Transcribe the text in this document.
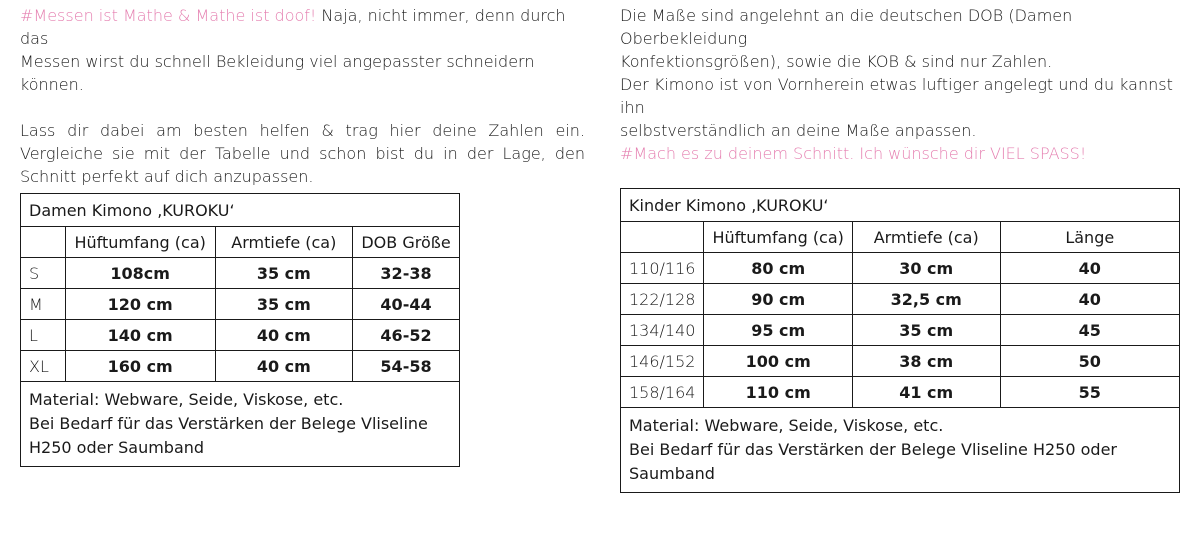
#Messen ist Mathe & Mathe ist doof! Naja, nicht immer, denn durch das
Messen wirst du schnell Bekleidung viel angepasster schneidern können.

Lass dir dabei am besten helfen & trag hier deine Zahlen ein. Vergleiche sie mit der Tabelle und schon bist du in der Lage, den Schnitt perfekt auf dich anzupassen.

Die Maße sind angelehnt an die deutschen DOB (Damen Oberbekleidung
Konfektionsgrößen), sowie die KOB & sind nur Zahlen.
Der Kimono ist von Vornherein etwas luftiger angelegt und du kannst ihn
selbstverständlich an deine Maße anpassen.
#Mach es zu deinem Schnitt. Ich wünsche dir VIEL SPASS!

Damen Kimono ‚KUROKU‘			
	Hüftumfang (ca)	Armtiefe (ca)	DOB Größe
S	108cm	35 cm	32-38
M	120 cm	35 cm	40-44
L	140 cm	40 cm	46-52
XL	160 cm	40 cm	54-58
Material: Webware, Seide, Viskose, etc.
Bei Bedarf für das Verstärken der Belege Vliseline H250 oder Saumband			
Kinder Kimono ‚KUROKU‘			
	Hüftumfang (ca)	Armtiefe (ca)	Länge
110/116	80 cm	30 cm	40
122/128	90 cm	32,5 cm	40
134/140	95 cm	35 cm	45
146/152	100 cm	38 cm	50
158/164	110 cm	41 cm	55
Material: Webware, Seide, Viskose, etc.
Bei Bedarf für das Verstärken der Belege Vliseline H250 oder Saumband			
